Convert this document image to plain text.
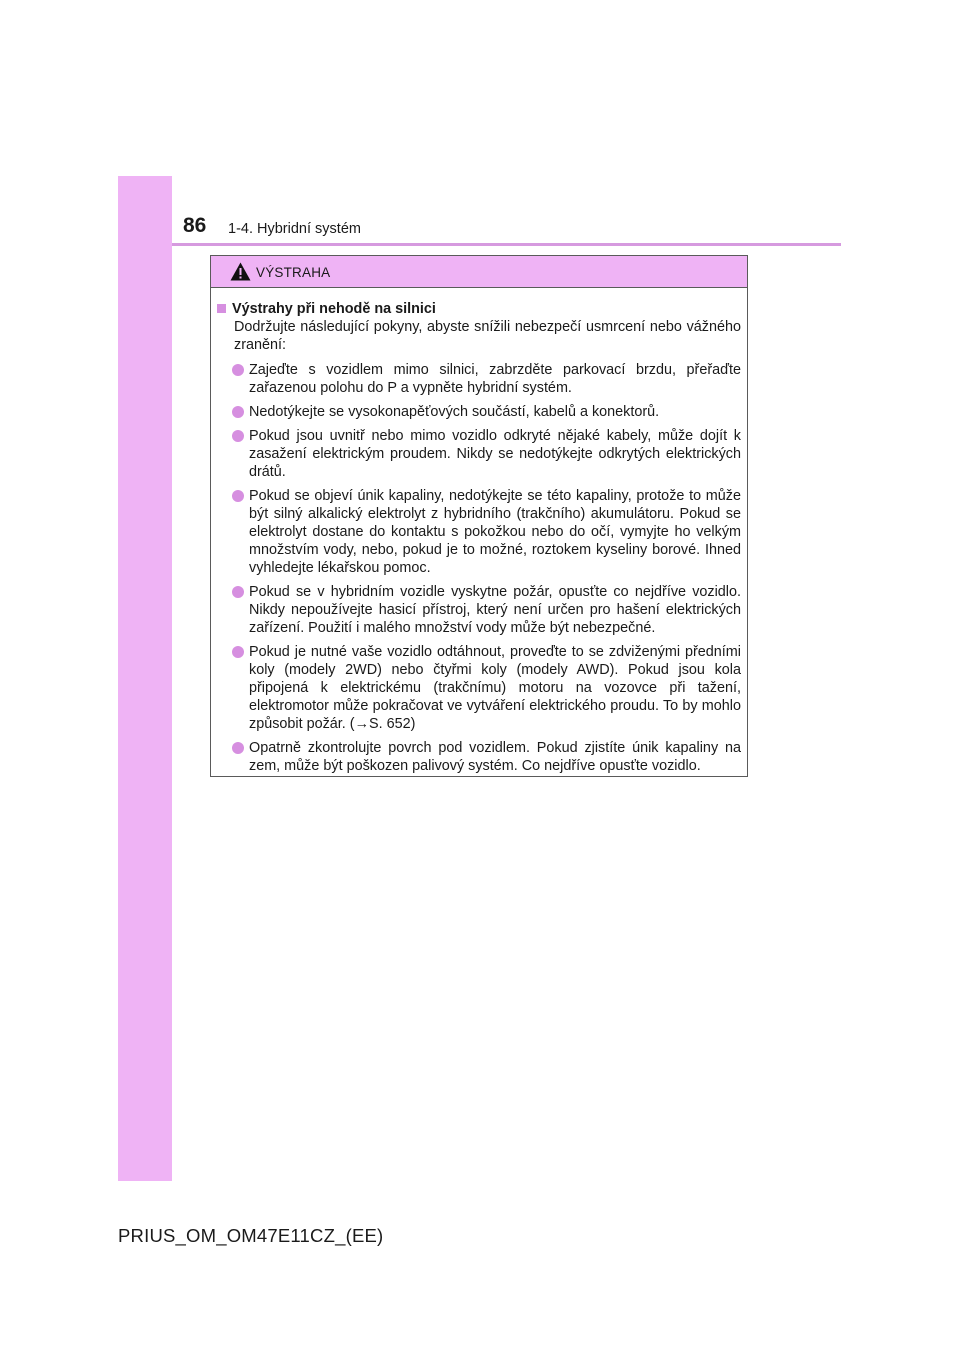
86 1-4. Hybridní systém
VÝSTRAHA
Výstrahy při nehodě na silnici
Dodržujte následující pokyny, abyste snížili nebezpečí usmrcení nebo vážného zranění:
Zajeďte s vozidlem mimo silnici, zabrzděte parkovací brzdu, přeřaďte zařazenou polohu do P a vypněte hybridní systém.
Nedotýkejte se vysokonapěťových součástí, kabelů a konektorů.
Pokud jsou uvnitř nebo mimo vozidlo odkryté nějaké kabely, může dojít k zasažení elektrickým proudem. Nikdy se nedotýkejte odkrytých elektrických drátů.
Pokud se objeví únik kapaliny, nedotýkejte se této kapaliny, protože to může být silný alkalický elektrolyt z hybridního (trakčního) akumulátoru. Pokud se elektrolyt dostane do kontaktu s pokožkou nebo do očí, vymyjte ho velkým množstvím vody, nebo, pokud je to možné, roztokem kyseliny borové. Ihned vyhledejte lékařskou pomoc.
Pokud se v hybridním vozidle vyskytne požár, opusťte co nejdříve vozidlo. Nikdy nepoužívejte hasicí přístroj, který není určen pro hašení elektrických zařízení. Použití i malého množství vody může být nebezpečné.
Pokud je nutné vaše vozidlo odtáhnout, proveďte to se zdviženými předními koly (modely 2WD) nebo čtyřmi koly (modely AWD). Pokud jsou kola připojená k elektrickému (trakčnímu) motoru na vozovce při tažení, elektromotor může pokračovat ve vytváření elektrického proudu. To by mohlo způsobit požár. (→S. 652)
Opatrně zkontrolujte povrch pod vozidlem. Pokud zjistíte únik kapaliny na zem, může být poškozen palivový systém. Co nejdříve opusťte vozidlo.
PRIUS_OM_OM47E11CZ_(EE)
